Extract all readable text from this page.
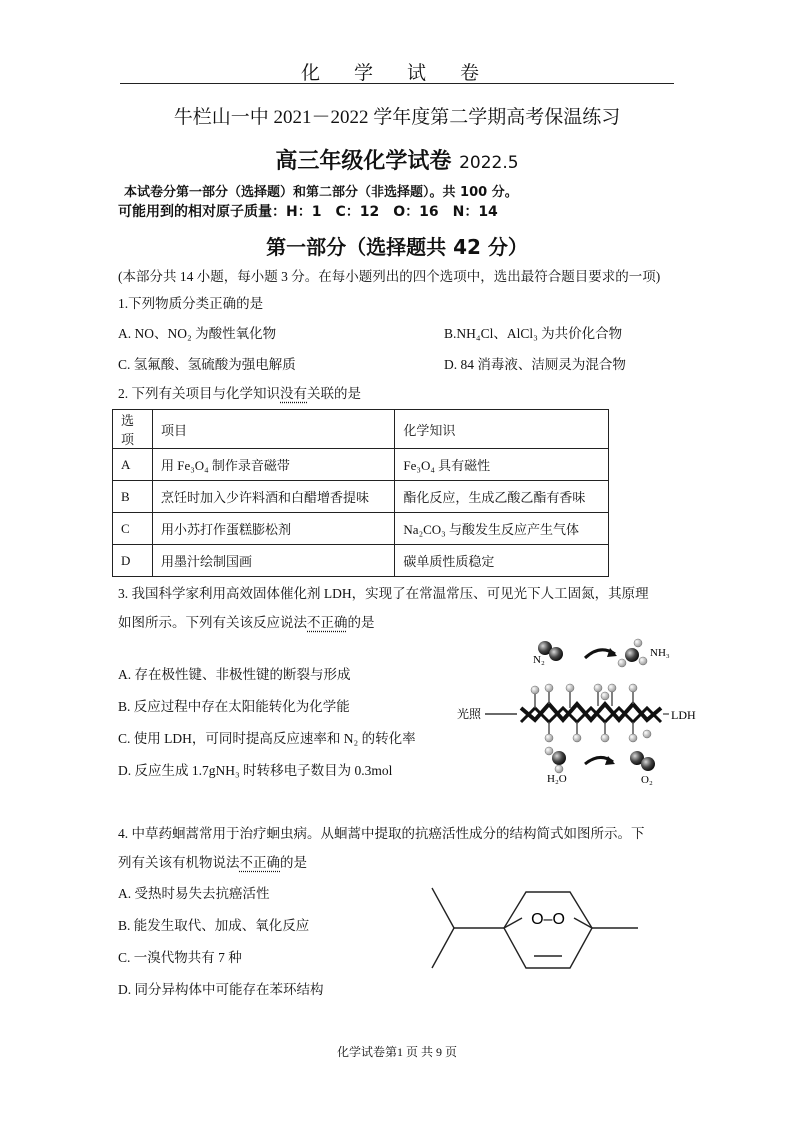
化 学 试 卷
牛栏山一中 2021－2022 学年度第二学期高考保温练习
高三年级化学试卷 2022.5
本试卷分第一部分（选择题）和第二部分（非选择题）。共 100 分。
可能用到的相对原子质量：H：1　C：12　O：16　N：14
第一部分（选择题共 42 分）
(本部分共 14 小题，每小题 3 分。在每小题列出的四个选项中，选出最符合题目要求的一项)
1.下列物质分类正确的是
A. NO、NO₂ 为酸性氧化物	B.NH₄Cl、AlCl₃ 为共价化合物
C. 氢氟酸、氢硫酸为强电解质	D. 84 消毒液、洁厕灵为混合物
2. 下列有关项目与化学知识没有关联的是
选项	项目	化学知识
A	用 Fe₃O₄ 制作录音磁带	Fe₃O₄ 具有磁性
B	烹饪时加入少许料酒和白醋增香提味	酯化反应，生成乙酸乙酯有香味
C	用小苏打作蛋糕膨松剂	Na₂CO₃ 与酸发生反应产生气体
D	用墨汁绘制国画	碳单质性质稳定
3. 我国科学家利用高效固体催化剂 LDH，实现了在常温常压、可见光下人工固氮，其原理
如图所示。下列有关该反应说法不正确的是
A. 存在极性键、非极性键的断裂与形成
B. 反应过程中存在太阳能转化为化学能
C. 使用 LDH，可同时提高反应速率和 N₂ 的转化率
D. 反应生成 1.7gNH₃ 时转移电子数目为 0.3mol
N₂
NH₃
光照	LDH
H₂O	O₂
4. 中草药蛔蒿常用于治疗蛔虫病。从蛔蒿中提取的抗癌活性成分的结构简式如图所示。下
列有关该有机物说法不正确的是
A. 受热时易失去抗癌活性
B. 能发生取代、加成、氧化反应
C. 一溴代物共有 7 种
D. 同分异构体中可能存在苯环结构
O–O
化学试卷第1 页 共 9 页
